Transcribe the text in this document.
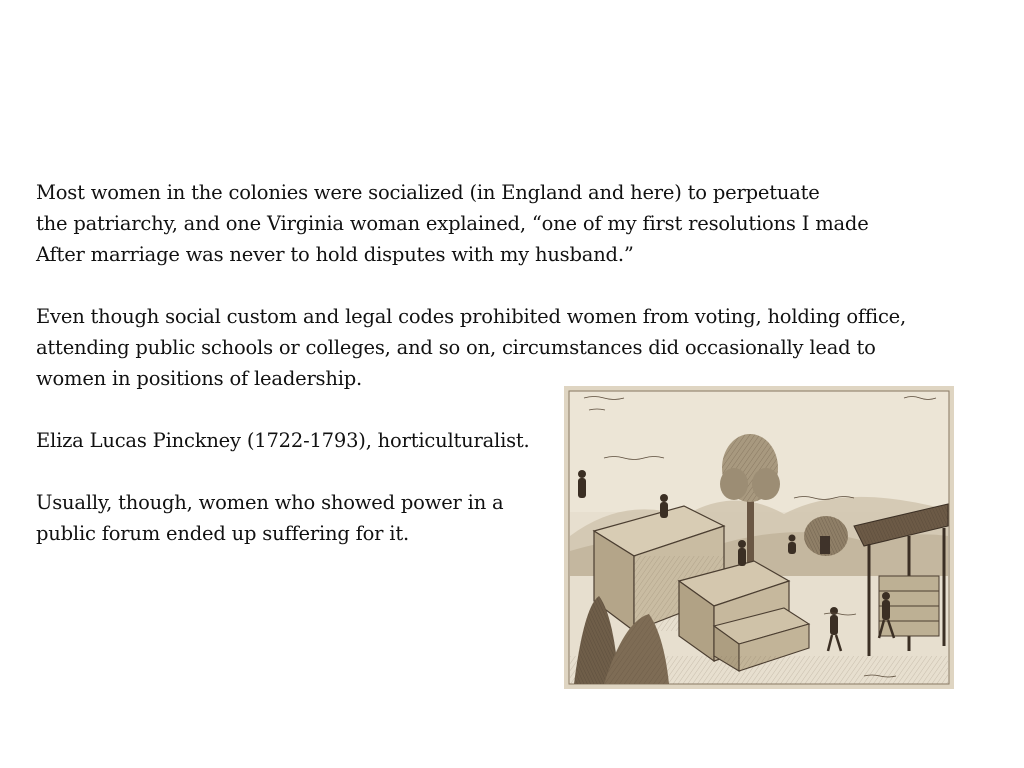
Most women in the colonies were socialized (in England and here) to perpetuate
the patriarchy, and one Virginia woman explained, “one of my first resolutions I made
After marriage was never to hold disputes with my husband.”
Even though social custom and legal codes prohibited women from voting, holding office,
attending public schools or colleges, and so on, circumstances did occasionally lead to
women in positions of leadership.
Eliza Lucas Pinckney (1722-1793), horticulturalist.
Usually, though, women who showed power in a
public forum ended up suffering for it.
